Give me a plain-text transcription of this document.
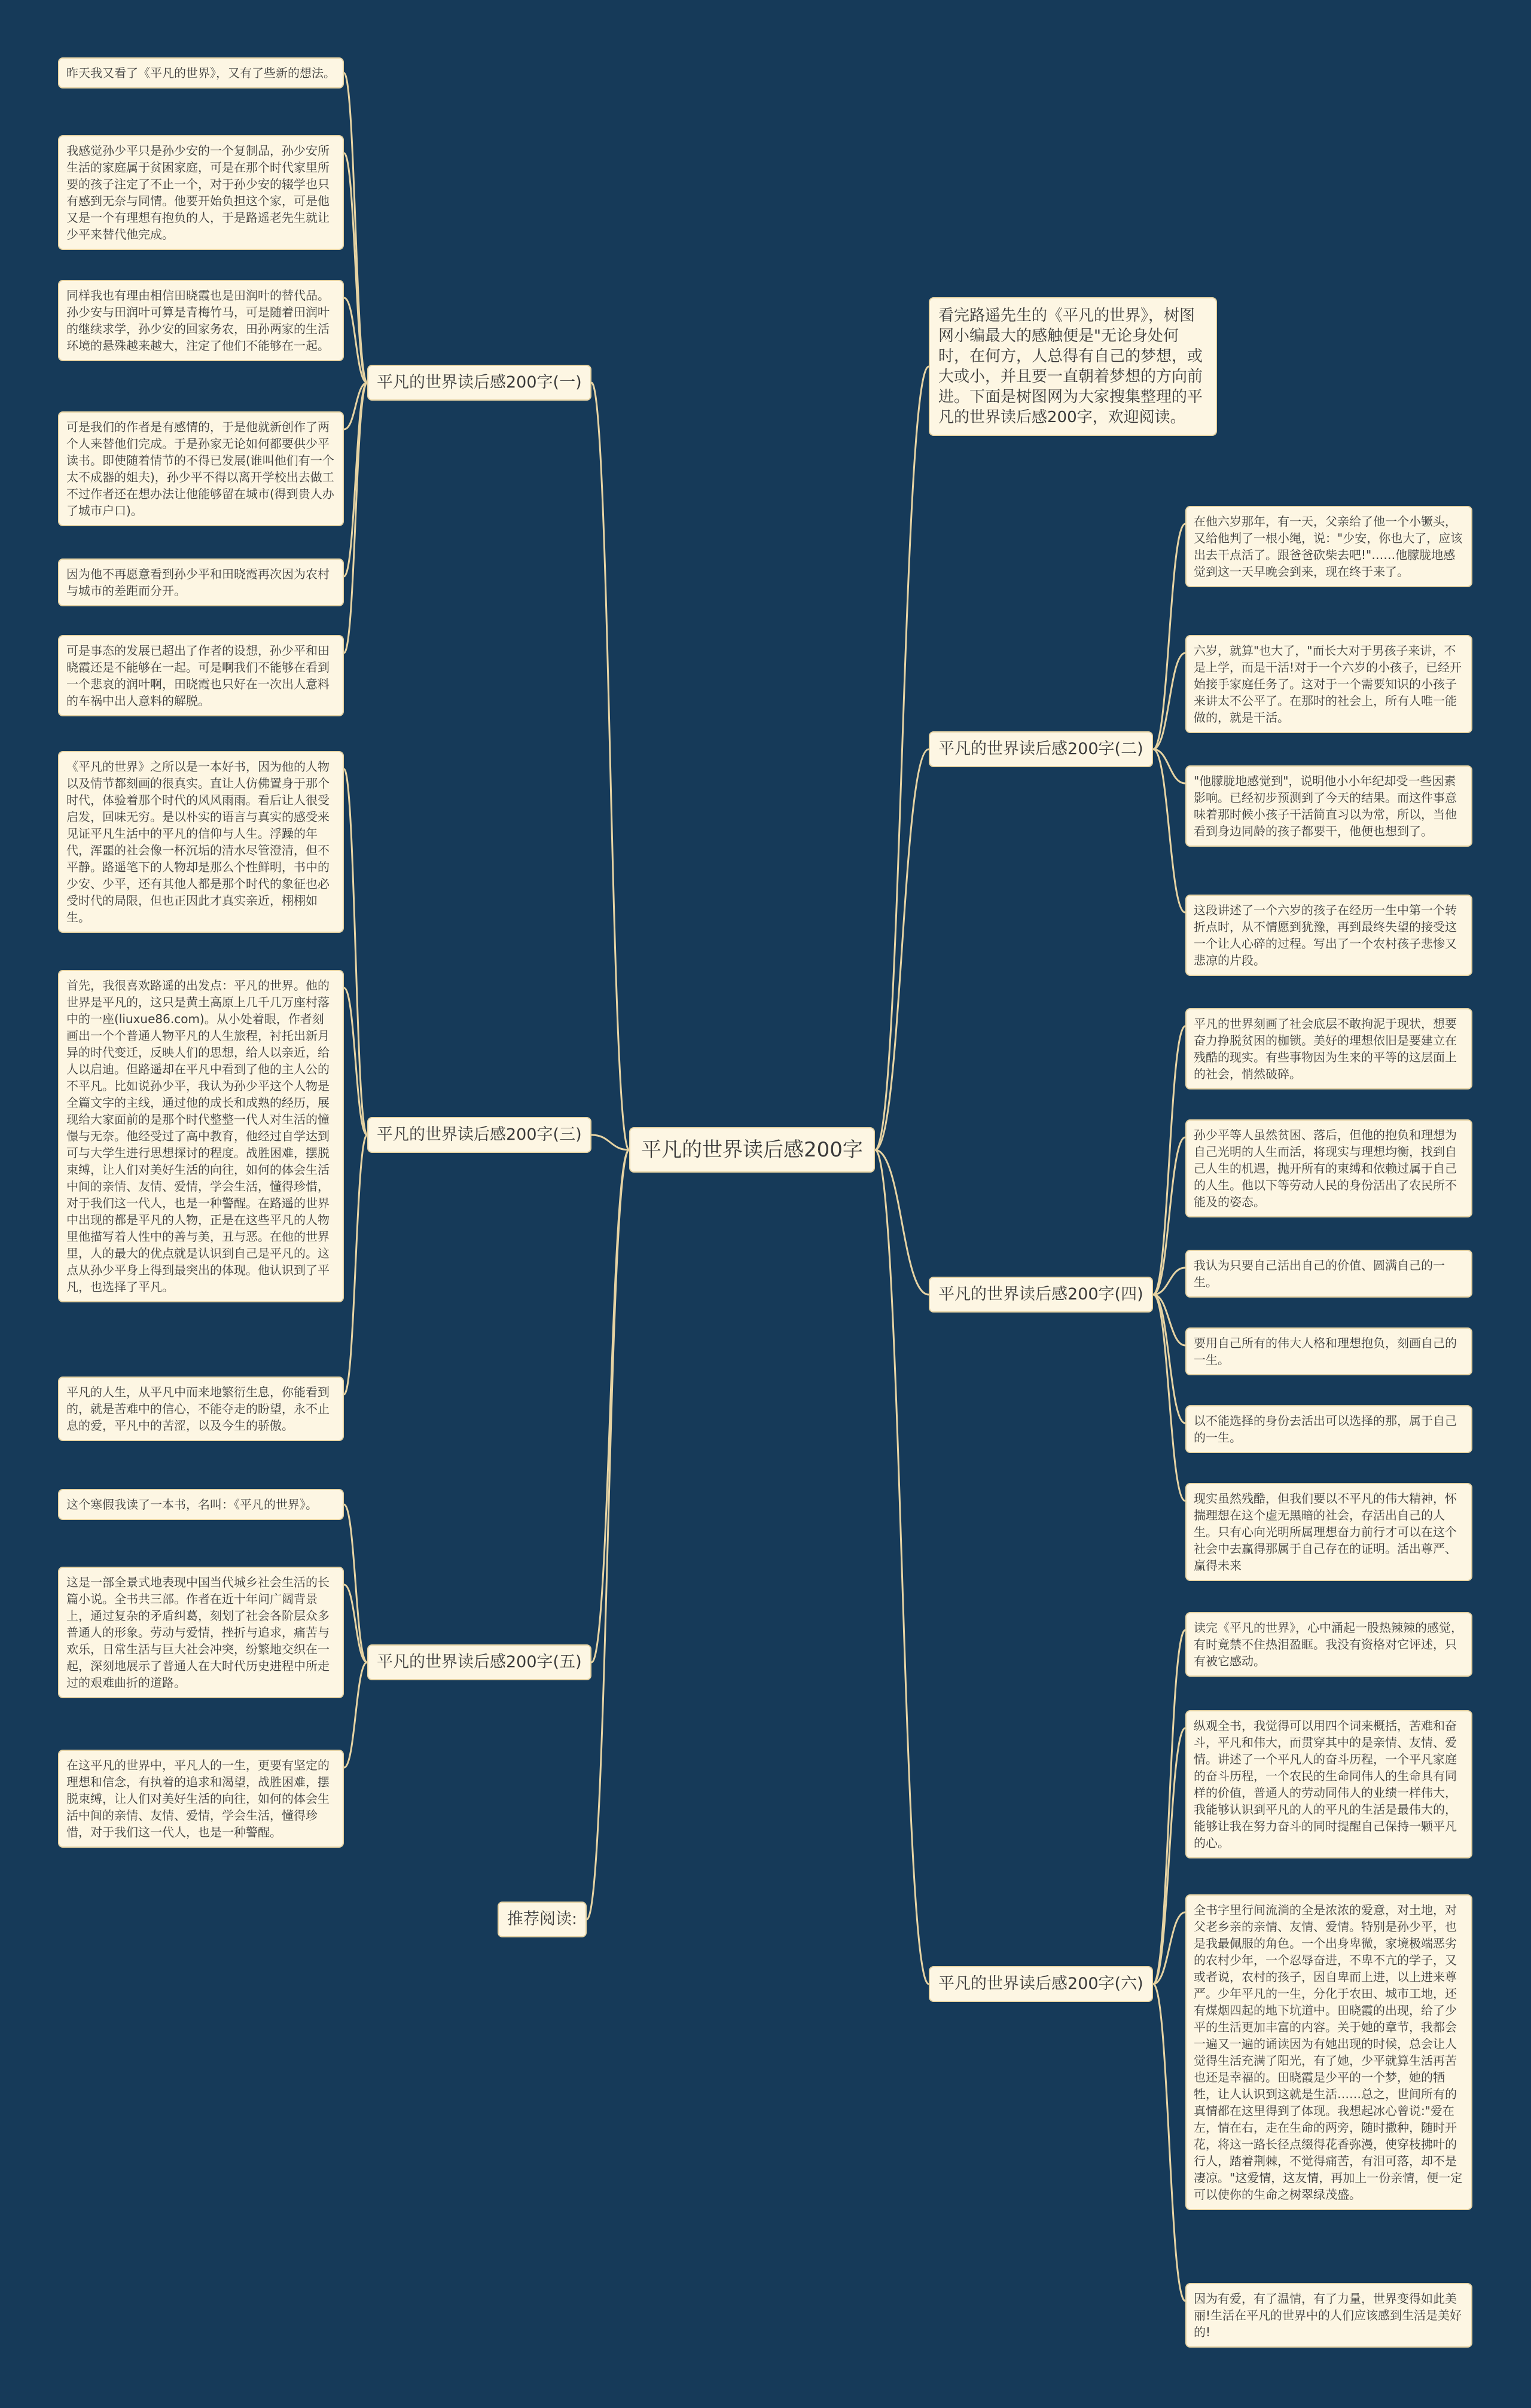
平凡的世界读后感200字
看完路遥先生的《平凡的世界》，树图网小编最大的感触便是"无论身处何时，在何方，人总得有自己的梦想，或大或小，并且要一直朝着梦想的方向前进。下面是树图网为大家搜集整理的平凡的世界读后感200字，欢迎阅读。
平凡的世界读后感200字(一)
平凡的世界读后感200字(二)
平凡的世界读后感200字(三)
平凡的世界读后感200字(四)
平凡的世界读后感200字(五)
平凡的世界读后感200字(六)
推荐阅读:
昨天我又看了《平凡的世界》，又有了些新的想法。
我感觉孙少平只是孙少安的一个复制品，孙少安所生活的家庭属于贫困家庭，可是在那个时代家里所要的孩子注定了不止一个，对于孙少安的辍学也只有感到无奈与同情。他要开始负担这个家，可是他又是一个有理想有抱负的人，于是路遥老先生就让少平来替代他完成。
同样我也有理由相信田晓霞也是田润叶的替代品。孙少安与田润叶可算是青梅竹马，可是随着田润叶的继续求学，孙少安的回家务农，田孙两家的生活环境的悬殊越来越大，注定了他们不能够在一起。
可是我们的作者是有感情的，于是他就新创作了两个人来替他们完成。于是孙家无论如何都要供少平读书。即使随着情节的不得已发展(谁叫他们有一个太不成器的姐夫)，孙少平不得以离开学校出去做工不过作者还在想办法让他能够留在城市(得到贵人办了城市户口)。
因为他不再愿意看到孙少平和田晓霞再次因为农村与城市的差距而分开。
可是事态的发展已超出了作者的设想，孙少平和田晓霞还是不能够在一起。可是啊我们不能够在看到一个悲哀的润叶啊，田晓霞也只好在一次出人意料的车祸中出人意料的解脱。
《平凡的世界》之所以是一本好书，因为他的人物以及情节都刻画的很真实。直让人仿佛置身于那个时代，体验着那个时代的风风雨雨。看后让人很受启发，回味无穷。是以朴实的语言与真实的感受来见证平凡生活中的平凡的信仰与人生。浮躁的年代，浑噩的社会像一杯沉垢的清水尽管澄清，但不平静。路遥笔下的人物却是那么个性鲜明，书中的少安、少平，还有其他人都是那个时代的象征也必受时代的局限，但也正因此才真实亲近，栩栩如生。
首先，我很喜欢路遥的出发点：平凡的世界。他的世界是平凡的，这只是黄土高原上几千几万座村落中的一座(liuxue86.com)。从小处着眼，作者刻画出一个个普通人物平凡的人生旅程，衬托出新月异的时代变迁，反映人们的思想，给人以亲近，给人以启迪。但路遥却在平凡中看到了他的主人公的不平凡。比如说孙少平，我认为孙少平这个人物是全篇文字的主线，通过他的成长和成熟的经历，展现给大家面前的是那个时代整整一代人对生活的憧憬与无奈。他经受过了高中教育，他经过自学达到可与大学生进行思想探讨的程度。战胜困难，摆脱束缚，让人们对美好生活的向往，如何的体会生活中间的亲情、友情、爱情，学会生活，懂得珍惜，对于我们这一代人，也是一种警醒。在路遥的世界中出现的都是平凡的人物，正是在这些平凡的人物里他描写着人性中的善与美，丑与恶。在他的世界里，人的最大的优点就是认识到自己是平凡的。这点从孙少平身上得到最突出的体现。他认识到了平凡，也选择了平凡。
平凡的人生，从平凡中而来地繁衍生息，你能看到的，就是苦难中的信心，不能夺走的盼望，永不止息的爱，平凡中的苦涩，以及今生的骄傲。
这个寒假我读了一本书，名叫：《平凡的世界》。
这是一部全景式地表现中国当代城乡社会生活的长篇小说。全书共三部。作者在近十年问广阔背景上，通过复杂的矛盾纠葛，刻划了社会各阶层众多普通人的形象。劳动与爱情，挫折与追求，痛苦与欢乐，日常生活与巨大社会冲突，纷繁地交织在一起，深刻地展示了普通人在大时代历史进程中所走过的艰难曲折的道路。
在这平凡的世界中，平凡人的一生，更要有坚定的理想和信念，有执着的追求和渴望，战胜困难，摆脱束缚，让人们对美好生活的向往，如何的体会生活中间的亲情、友情、爱情，学会生活，懂得珍惜，对于我们这一代人，也是一种警醒。
在他六岁那年，有一天，父亲给了他一个小镢头，又给他判了一根小绳，说："少安，你也大了，应该出去干点活了。跟爸爸砍柴去吧!"……他朦胧地感觉到这一天早晚会到来，现在终于来了。
六岁，就算"也大了，"而长大对于男孩子来讲，不是上学，而是干活!对于一个六岁的小孩子，已经开始接手家庭任务了。这对于一个需要知识的小孩子来讲太不公平了。在那时的社会上，所有人唯一能做的，就是干活。
"他朦胧地感觉到"，说明他小小年纪却受一些因素影响。已经初步预测到了今天的结果。而这件事意味着那时候小孩子干活简直习以为常，所以，当他看到身边同龄的孩子都要干，他便也想到了。
这段讲述了一个六岁的孩子在经历一生中第一个转折点时，从不情愿到犹豫，再到最终失望的接受这一个让人心碎的过程。写出了一个农村孩子悲惨又悲凉的片段。
平凡的世界刻画了社会底层不敢拘泥于现状，想要奋力挣脱贫困的枷锁。美好的理想依旧是要建立在残酷的现实。有些事物因为生来的平等的这层面上的社会，悄然破碎。
孙少平等人虽然贫困、落后，但他的抱负和理想为自己光明的人生而活，将现实与理想均衡，找到自己人生的机遇，抛开所有的束缚和依赖过属于自己的人生。他以下等劳动人民的身份活出了农民所不能及的姿态。
我认为只要自己活出自己的价值、圆满自己的一生。
要用自己所有的伟大人格和理想抱负，刻画自己的一生。
以不能选择的身份去活出可以选择的那，属于自己的一生。
现实虽然残酷，但我们要以不平凡的伟大精神，怀揣理想在这个虚无黑暗的社会，存活出自己的人生。只有心向光明所属理想奋力前行才可以在这个社会中去赢得那属于自己存在的证明。活出尊严、赢得未来
读完《平凡的世界》，心中涌起一股热辣辣的感觉，有时竟禁不住热泪盈眶。我没有资格对它评述，只有被它感动。
纵观全书，我觉得可以用四个词来概括，苦难和奋斗，平凡和伟大，而贯穿其中的是亲情、友情、爱情。讲述了一个平凡人的奋斗历程，一个平凡家庭的奋斗历程，一个农民的生命同伟人的生命具有同样的价值，普通人的劳动同伟人的业绩一样伟大，我能够认识到平凡的人的平凡的生活是最伟大的，能够让我在努力奋斗的同时提醒自己保持一颗平凡的心。
全书字里行间流淌的全是浓浓的爱意，对土地，对父老乡亲的亲情、友情、爱情。特别是孙少平，也是我最佩服的角色。一个出身卑微，家境极端恶劣的农村少年，一个忍辱奋进，不卑不亢的学子，又或者说，农村的孩子，因自卑而上进，以上进来尊严。少年平凡的一生，分化于农田、城市工地，还有煤烟四起的地下坑道中。田晓霞的出现，给了少平的生活更加丰富的内容。关于她的章节，我都会一遍又一遍的诵读因为有她出现的时候，总会让人觉得生活充满了阳光，有了她，少平就算生活再苦也还是幸福的。田晓霞是少平的一个梦，她的牺牲，让人认识到这就是生活……总之，世间所有的真情都在这里得到了体现。我想起冰心曾说:"爱在左，情在右，走在生命的两旁，随时撒种，随时开花，将这一路长径点缀得花香弥漫，使穿枝拂叶的行人，踏着荆棘，不觉得痛苦，有泪可落，却不是凄凉。"这爱情，这友情，再加上一份亲情，便一定可以使你的生命之树翠绿茂盛。
因为有爱，有了温情，有了力量，世界变得如此美丽!生活在平凡的世界中的人们应该感到生活是美好的!
